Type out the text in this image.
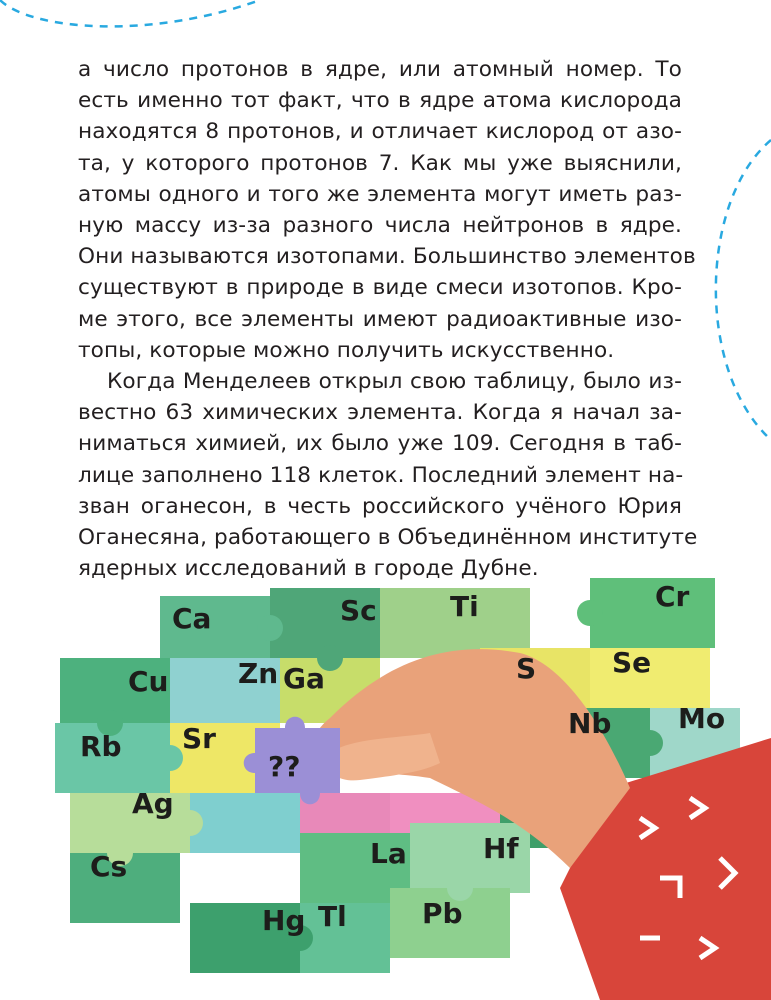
а число протонов в ядре, или атомный номер. То
есть именно тот факт, что в ядре атома кислорода
находятся 8 протонов, и отличает кислород от азо-
та, у которого протонов 7. Как мы уже выяснили,
атомы одного и того же элемента могут иметь раз-
ную массу из-за разного числа нейтронов в ядре.
Они называются изотопами. Большинство элементов
существуют в природе в виде смеси изотопов. Кро-
ме этого, все элементы имеют радиоактивные изо-
топы, которые можно получить искусственно.
Когда Менделеев открыл свою таблицу, было из-
вестно 63 химических элемента. Когда я начал за-
ниматься химией, их было уже 109. Сегодня в таб-
лице заполнено 118 клеток. Последний элемент на-
зван оганесон, в честь российского учёного Юрия
Оганесяна, работающего в Объединённом институте
ядерных исследований в городе Дубне.
??
Ca	Sc	Ti	Cr
Cu Zn Ga	S	Se
Rb Sr	Nb Mo
Ag
Cs	La	Hf
Hg Tl	Pb
